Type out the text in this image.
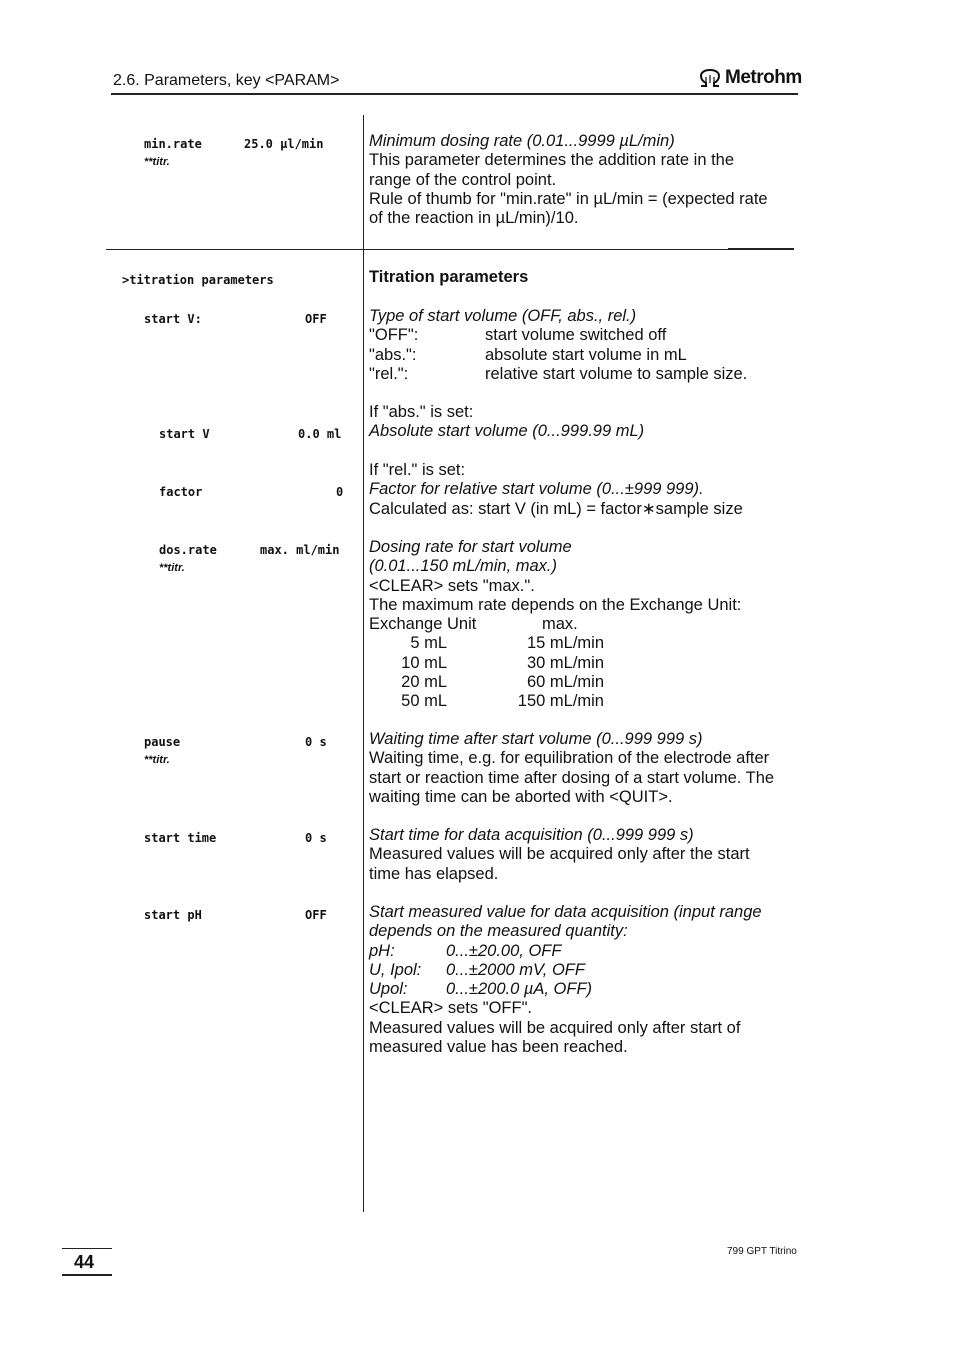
2.6. Parameters, key <PARAM>	Metrohm
min.rate	25.0 µl/min
**titr.
>titration parameters
start V:	OFF
start V	0.0 ml
factor	0
dos.rate	max. ml/min
**titr.
pause	0 s
**titr.
start time	0 s
start pH	OFF
Minimum dosing rate (0.01...9999 µL/min)
This parameter determines the addition rate in the
range of the control point.
Rule of thumb for "min.rate" in µL/min = (expected rate
of the reaction in µL/min)/10.
Titration parameters
Type of start volume (OFF, abs., rel.)
"OFF":	start volume switched off
"abs.":	absolute start volume in mL
"rel.":	relative start volume to sample size.
If "abs." is set:
Absolute start volume (0...999.99 mL)
If "rel." is set:
Factor for relative start volume (0...±999 999).
Calculated as: start V (in mL) = factor∗sample size
Dosing rate for start volume
(0.01...150 mL/min, max.)
<CLEAR> sets "max.".
The maximum rate depends on the Exchange Unit:
Exchange Unit	max.
5 mL	15 mL/min
10 mL	30 mL/min
20 mL	60 mL/min
50 mL	150 mL/min
Waiting time after start volume (0...999 999 s)
Waiting time, e.g. for equilibration of the electrode after
start or reaction time after dosing of a start volume. The
waiting time can be aborted with <QUIT>.
Start time for data acquisition (0...999 999 s)
Measured values will be acquired only after the start
time has elapsed.
Start measured value for data acquisition (input range
depends on the measured quantity:
pH:	0...±20.00, OFF
U, Ipol: 0...±2000 mV, OFF
Upol: 0...±200.0 µA, OFF)
<CLEAR> sets "OFF".
Measured values will be acquired only after start of
measured value has been reached.
44
799 GPT Titrino
